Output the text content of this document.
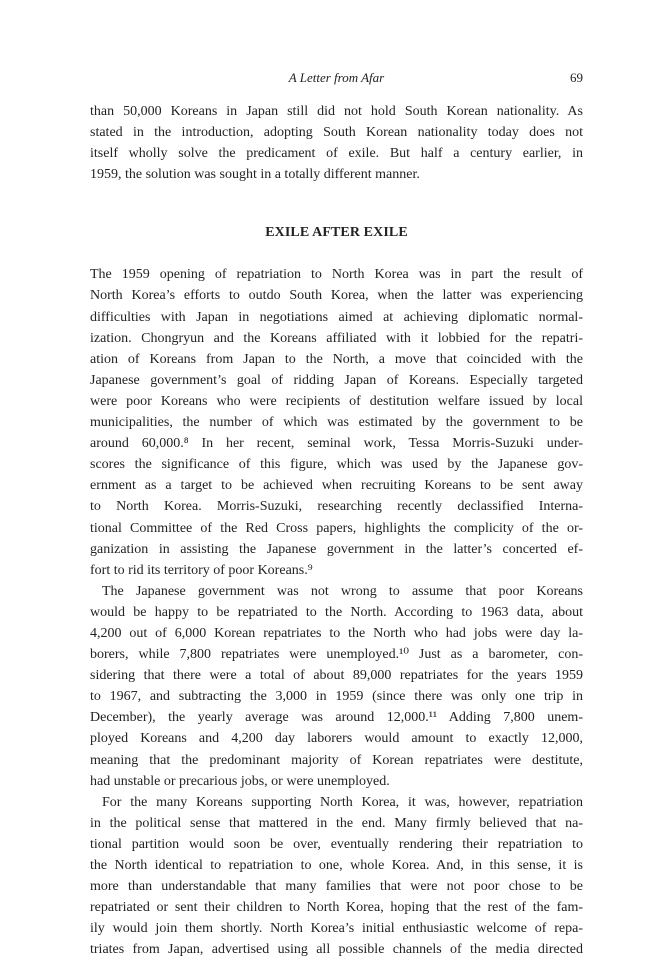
A Letter from Afar	69
than 50,000 Koreans in Japan still did not hold South Korean nationality. As
stated in the introduction, adopting South Korean nationality today does not
itself wholly solve the predicament of exile. But half a century earlier, in
1959, the solution was sought in a totally different manner.
EXILE AFTER EXILE
The 1959 opening of repatriation to North Korea was in part the result of
North Korea’s efforts to outdo South Korea, when the latter was experiencing
difficulties with Japan in negotiations aimed at achieving diplomatic normal-
ization. Chongryun and the Koreans affiliated with it lobbied for the repatri-
ation of Koreans from Japan to the North, a move that coincided with the
Japanese government’s goal of ridding Japan of Koreans. Especially targeted
were poor Koreans who were recipients of destitution welfare issued by local
municipalities, the number of which was estimated by the government to be
around 60,000.⁸ In her recent, seminal work, Tessa Morris-Suzuki under-
scores the significance of this figure, which was used by the Japanese gov-
ernment as a target to be achieved when recruiting Koreans to be sent away
to North Korea. Morris-Suzuki, researching recently declassified Interna-
tional Committee of the Red Cross papers, highlights the complicity of the or-
ganization in assisting the Japanese government in the latter’s concerted ef-
fort to rid its territory of poor Koreans.⁹
The Japanese government was not wrong to assume that poor Koreans
would be happy to be repatriated to the North. According to 1963 data, about
4,200 out of 6,000 Korean repatriates to the North who had jobs were day la-
borers, while 7,800 repatriates were unemployed.¹⁰ Just as a barometer, con-
sidering that there were a total of about 89,000 repatriates for the years 1959
to 1967, and subtracting the 3,000 in 1959 (since there was only one trip in
December), the yearly average was around 12,000.¹¹ Adding 7,800 unem-
ployed Koreans and 4,200 day laborers would amount to exactly 12,000,
meaning that the predominant majority of Korean repatriates were destitute,
had unstable or precarious jobs, or were unemployed.
For the many Koreans supporting North Korea, it was, however, repatriation
in the political sense that mattered in the end. Many firmly believed that na-
tional partition would soon be over, eventually rendering their repatriation to
the North identical to repatriation to one, whole Korea. And, in this sense, it is
more than understandable that many families that were not poor chose to be
repatriated or sent their children to North Korea, hoping that the rest of the fam-
ily would join them shortly. North Korea’s initial enthusiastic welcome of repa-
triates from Japan, advertised using all possible channels of the media directed
